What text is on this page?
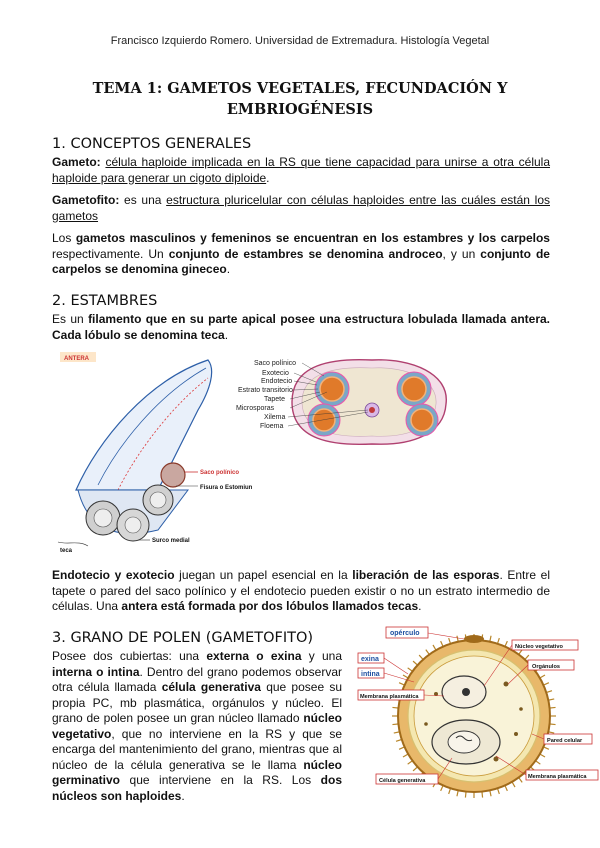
Francisco Izquierdo Romero. Universidad de Extremadura. Histología Vegetal
TEMA 1: GAMETOS VEGETALES, FECUNDACIÓN Y
EMBRIOGÉNESIS
1. CONCEPTOS GENERALES
Gameto: célula haploide implicada en la RS que tiene capacidad para unirse a otra célula haploide para generar un cigoto diploide.
Gametofito: es una estructura pluricelular con células haploides entre las cuáles están los gametos
Los gametos masculinos y femeninos se encuentran en los estambres y los carpelos respectivamente. Un conjunto de estambres se denomina androceo, y un conjunto de carpelos se denomina gineceo.
2. ESTAMBRES
Es un filamento que en su parte apical posee una estructura lobulada llamada antera. Cada lóbulo se denomina teca.
ANTERA
Saco polínico
Fisura o Estomiun
Surco medial
teca
Saco polínico
Exotecio
Endotecio
Estrato transitorio
Tapete
Microsporas
Xilema
Floema
Endotecio y exotecio juegan un papel esencial en la liberación de las esporas. Entre el tapete o pared del saco polínico y el endotecio pueden existir o no un estrato intermedio de células. Una antera está formada por dos lóbulos llamados tecas.
3. GRANO DE POLEN (GAMETOFITO)
Posee dos cubiertas: una externa o exina y una interna o intina. Dentro del grano podemos observar otra célula llamada célula generativa que posee su propia PC, mb plasmática, orgánulos y núcleo. El grano de polen posee un gran núcleo llamado núcleo vegetativo, que no interviene en la RS y que se encarga del mantenimiento del grano, mientras que al núcleo de la célula generativa se le llama núcleo germinativo que interviene en la RS. Los dos núcleos son haploides.
opérculo
exina
intina
Membrana plasmática
Núcleo vegetativo
Orgánulos
Pared celular
Membrana plasmática
Célula generativa
